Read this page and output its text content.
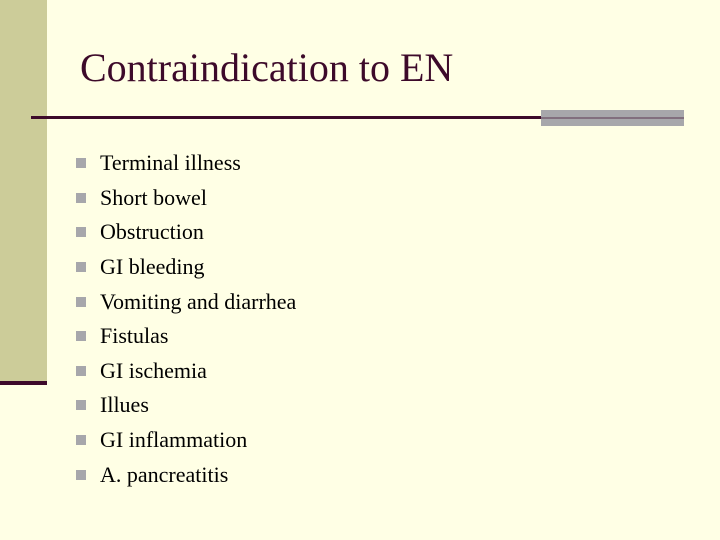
Contraindication to EN
Terminal illness
Short bowel
Obstruction
GI bleeding
Vomiting and diarrhea
Fistulas
GI ischemia
Illues
GI inflammation
A. pancreatitis
